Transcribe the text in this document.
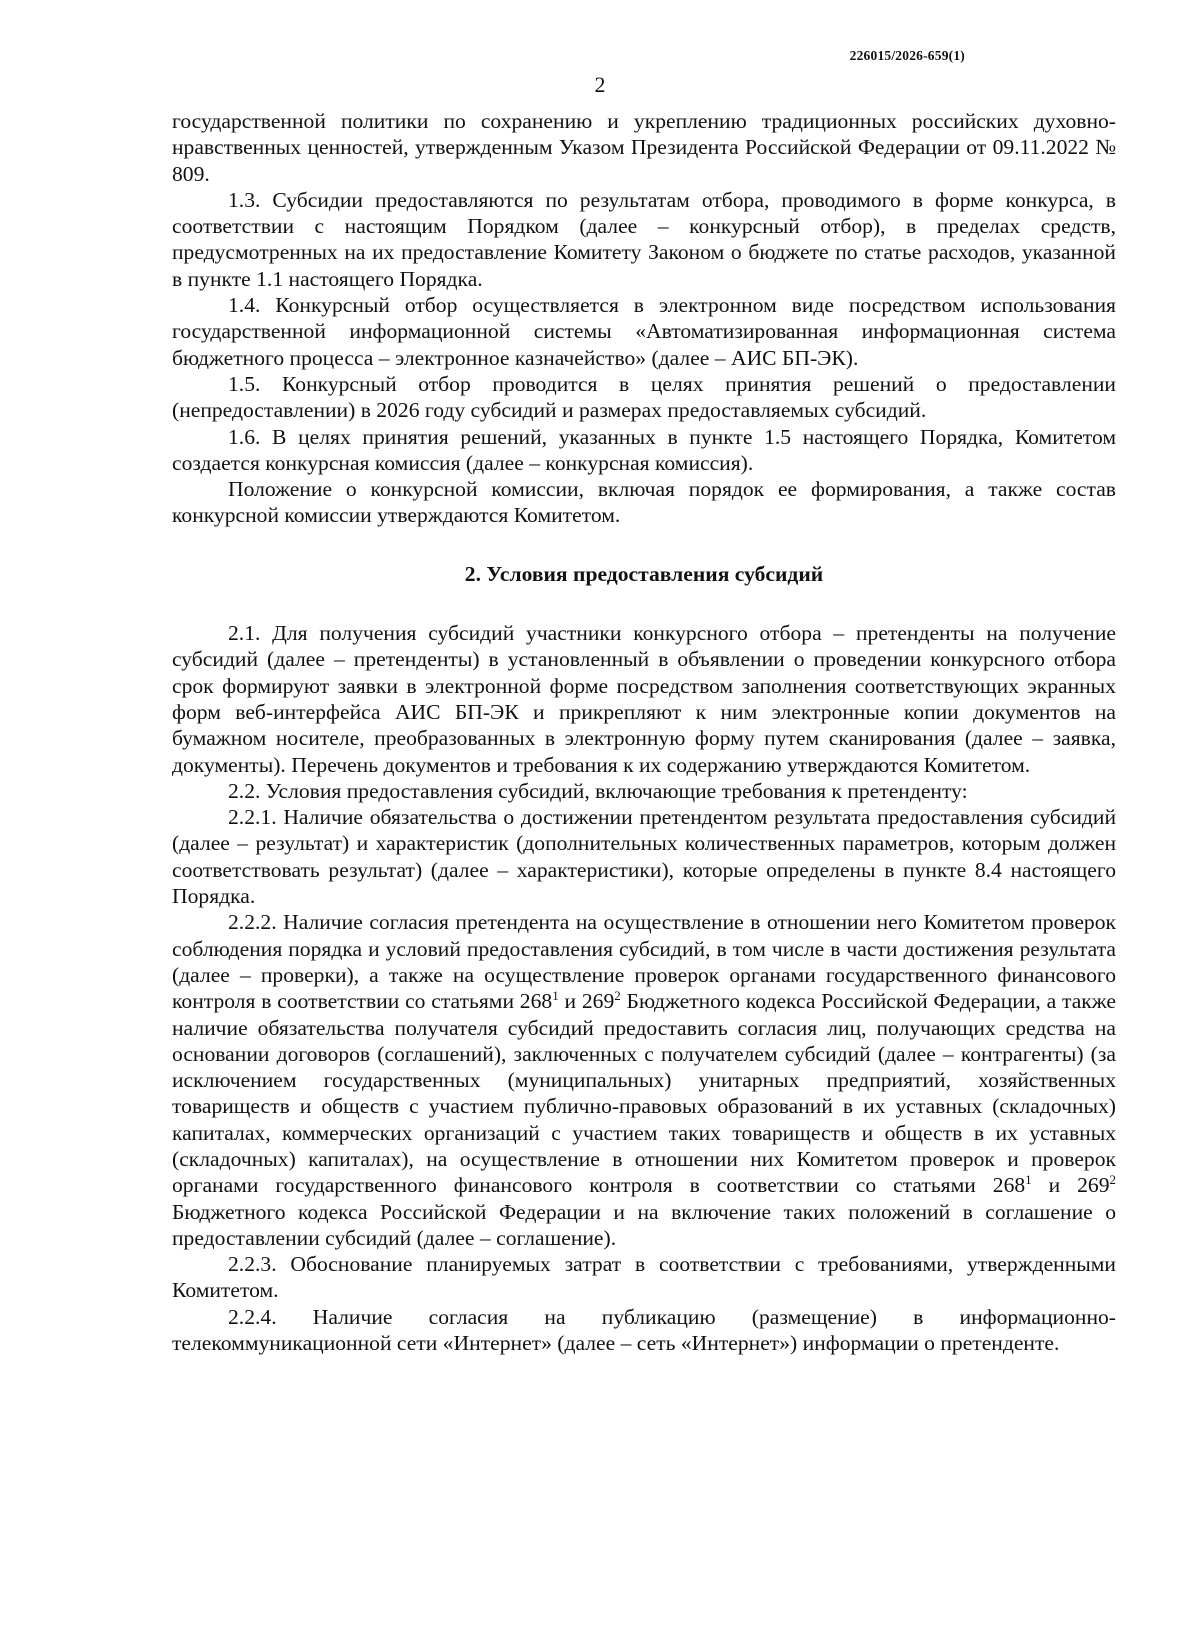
226015/2026-659(1)
2

государственной политики по сохранению и укреплению традиционных российских духовно-нравственных ценностей, утвержденным Указом Президента Российской Федерации от 09.11.2022 № 809.

1.3. Субсидии предоставляются по результатам отбора, проводимого в форме конкурса, в соответствии с настоящим Порядком (далее – конкурсный отбор), в пределах средств, предусмотренных на их предоставление Комитету Законом о бюджете по статье расходов, указанной в пункте 1.1 настоящего Порядка.

1.4. Конкурсный отбор осуществляется в электронном виде посредством использования государственной информационной системы «Автоматизированная информационная система бюджетного процесса – электронное казначейство» (далее – АИС БП-ЭК).

1.5. Конкурсный отбор проводится в целях принятия решений о предоставлении (непредоставлении) в 2026 году субсидий и размерах предоставляемых субсидий.

1.6. В целях принятия решений, указанных в пункте 1.5 настоящего Порядка, Комитетом создается конкурсная комиссия (далее – конкурсная комиссия).

Положение о конкурсной комиссии, включая порядок ее формирования, а также состав конкурсной комиссии утверждаются Комитетом.

2. Условия предоставления субсидий

2.1. Для получения субсидий участники конкурсного отбора – претенденты на получение субсидий (далее – претенденты) в установленный в объявлении о проведении конкурсного отбора срок формируют заявки в электронной форме посредством заполнения соответствующих экранных форм веб-интерфейса АИС БП-ЭК и прикрепляют к ним электронные копии документов на бумажном носителе, преобразованных в электронную форму путем сканирования (далее – заявка, документы). Перечень документов и требования к их содержанию утверждаются Комитетом.

2.2. Условия предоставления субсидий, включающие требования к претенденту:

2.2.1. Наличие обязательства о достижении претендентом результата предоставления субсидий (далее – результат) и характеристик (дополнительных количественных параметров, которым должен соответствовать результат) (далее – характеристики), которые определены в пункте 8.4 настоящего Порядка.

2.2.2. Наличие согласия претендента на осуществление в отношении него Комитетом проверок соблюдения порядка и условий предоставления субсидий, в том числе в части достижения результата (далее – проверки), а также на осуществление проверок органами государственного финансового контроля в соответствии со статьями $268^1$ и $269^2$ Бюджетного кодекса Российской Федерации, а также наличие обязательства получателя субсидий предоставить согласия лиц, получающих средства на основании договоров (соглашений), заключенных с получателем субсидий (далее – контрагенты) (за исключением государственных (муниципальных) унитарных предприятий, хозяйственных товариществ и обществ с участием публично-правовых образований в их уставных (складочных) капиталах, коммерческих организаций с участием таких товариществ и обществ в их уставных (складочных) капиталах), на осуществление в отношении них Комитетом проверок и проверок органами государственного финансового контроля в соответствии со статьями $268^1$ и $269^2$ Бюджетного кодекса Российской Федерации и на включение таких положений в соглашение о предоставлении субсидий (далее – соглашение).

2.2.3. Обоснование планируемых затрат в соответствии с требованиями, утвержденными Комитетом.

2.2.4. Наличие согласия на публикацию (размещение) в информационно-телекоммуникационной сети «Интернет» (далее – сеть «Интернет») информации о претенденте.
